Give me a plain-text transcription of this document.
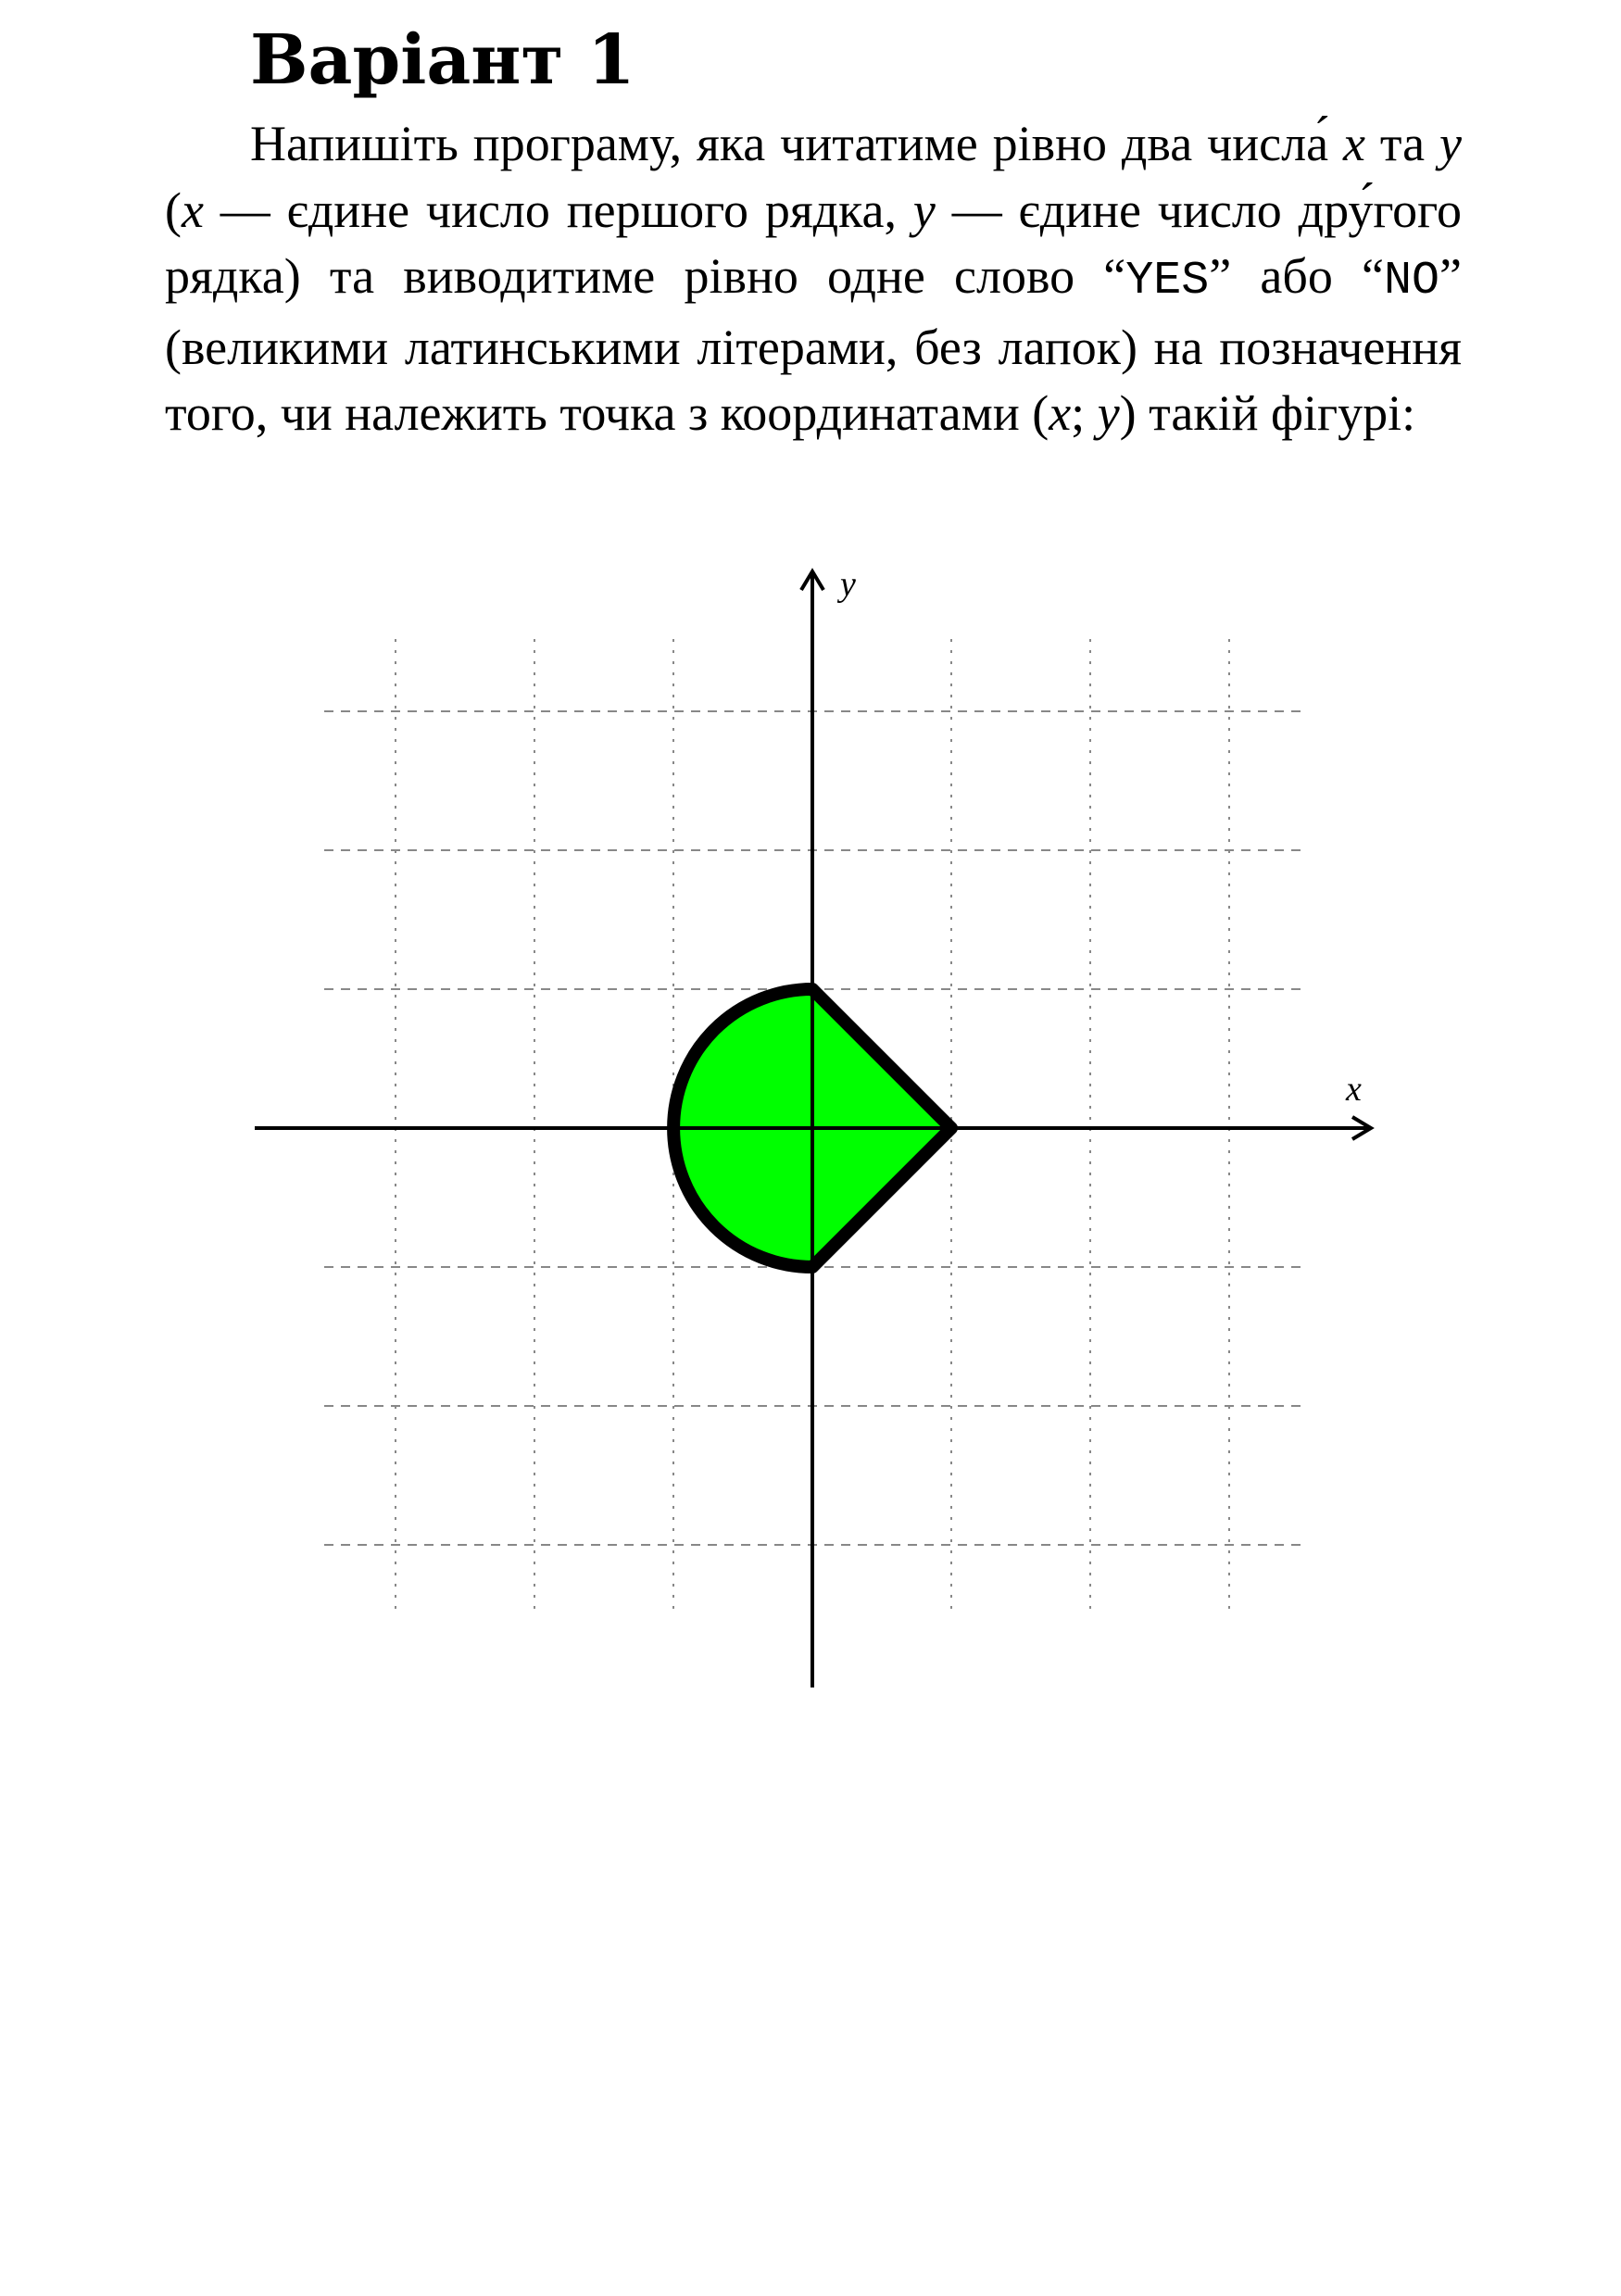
Варіант 1
Напишіть програму, яка читатиме рівно два числа́ x та y (x — єдине число першого рядка, y — єдине число дру́гого рядка) та виводитиме рівно одне слово “YES” або “NO” (великими латинськими літерами, без лапок) на позначення того, чи належить точка з координатами (x; y) такій фігурі:
x
y
